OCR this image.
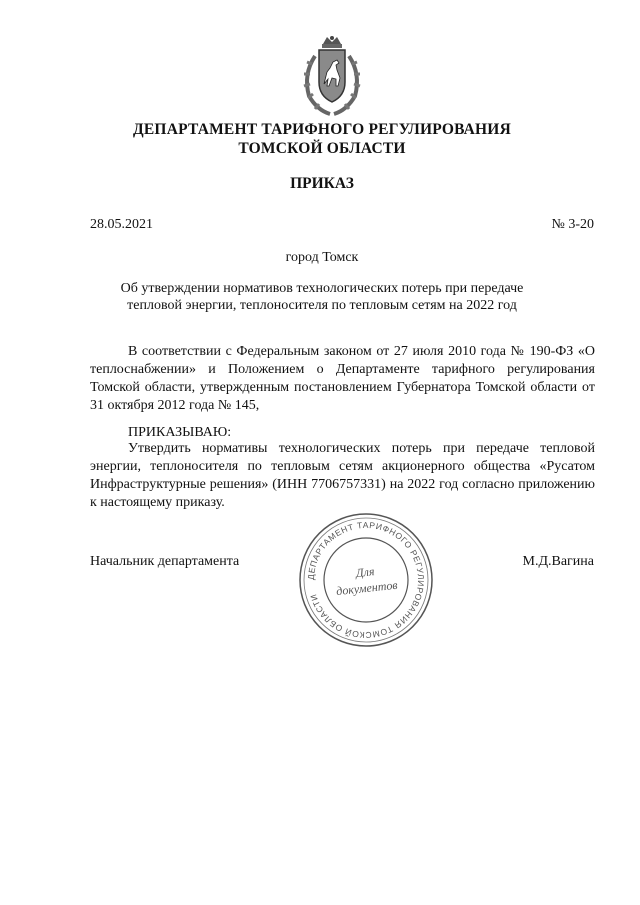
ДЕПАРТАМЕНТ ТАРИФНОГО РЕГУЛИРОВАНИЯ
ТОМСКОЙ ОБЛАСТИ
ПРИКАЗ
28.05.2021	№ 3-20
город Томск
Об утверждении нормативов технологических потерь при передаче
тепловой энергии, теплоносителя по тепловым сетям на 2022 год
В соответствии с Федеральным законом от 27 июля 2010 года № 190-ФЗ «О теплоснабжении» и Положением о Департаменте тарифного регулирования Томской области, утвержденным постановлением Губернатора Томской области от 31 октября 2012 года № 145,
ПРИКАЗЫВАЮ:
Утвердить нормативы технологических потерь при передаче тепловой энергии, теплоносителя по тепловым сетям акционерного общества «Русатом Инфраструктурные решения» (ИНН 7706757331) на 2022 год согласно приложению к настоящему приказу.
Начальник департамента	М.Д.Вагина
ДЕПАРТАМЕНТ ТАРИФНОГО РЕГУЛИРОВАНИЯ ТОМСКОЙ ОБЛАСТИ
Для
документов
